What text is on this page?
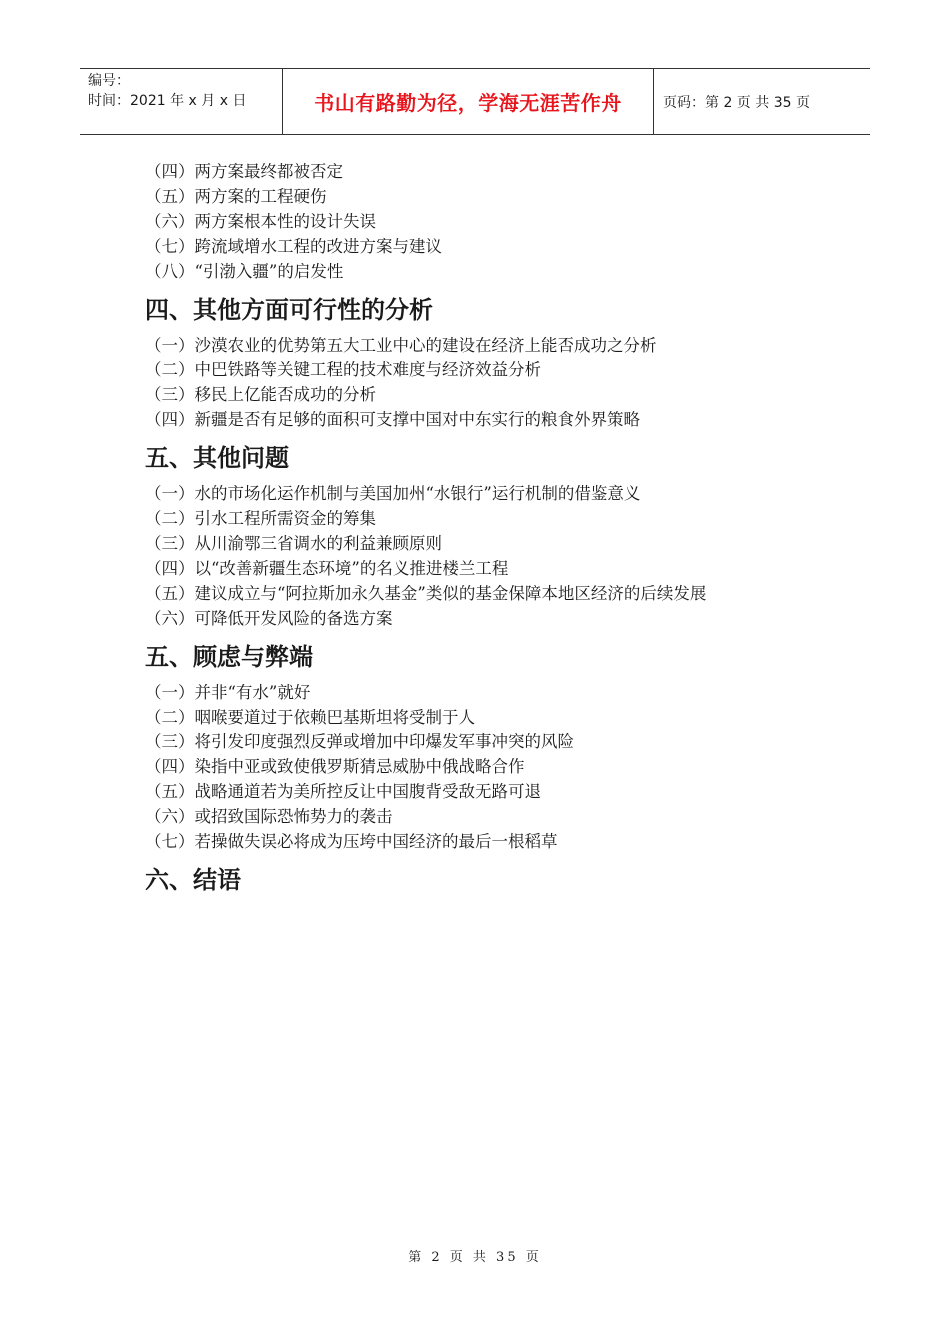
编号：
时间：2021 年 x 月 x 日	书山有路勤为径，学海无涯苦作舟	页码：第 2 页 共 35 页
（四）两方案最终都被否定
（五）两方案的工程硬伤
（六）两方案根本性的设计失误
（七）跨流域增水工程的改进方案与建议
（八）“引渤入疆”的启发性
四、其他方面可行性的分析
（一）沙漠农业的优势第五大工业中心的建设在经济上能否成功之分析
（二）中巴铁路等关键工程的技术难度与经济效益分析
（三）移民上亿能否成功的分析
（四）新疆是否有足够的面积可支撑中国对中东实行的粮食外界策略
五、其他问题
（一）水的市场化运作机制与美国加州“水银行”运行机制的借鉴意义
（二）引水工程所需资金的筹集
（三）从川渝鄂三省调水的利益兼顾原则
（四）以“改善新疆生态环境”的名义推进楼兰工程
（五）建议成立与“阿拉斯加永久基金”类似的基金保障本地区经济的后续发展
（六）可降低开发风险的备选方案
五、顾虑与弊端
（一）并非“有水”就好
（二）咽喉要道过于依赖巴基斯坦将受制于人
（三）将引发印度强烈反弹或增加中印爆发军事冲突的风险
（四）染指中亚或致使俄罗斯猜忌威胁中俄战略合作
（五）战略通道若为美所控反让中国腹背受敌无路可退
（六）或招致国际恐怖势力的袭击
（七）若操做失误必将成为压垮中国经济的最后一根稻草
六、结语
第 2 页 共 35 页
